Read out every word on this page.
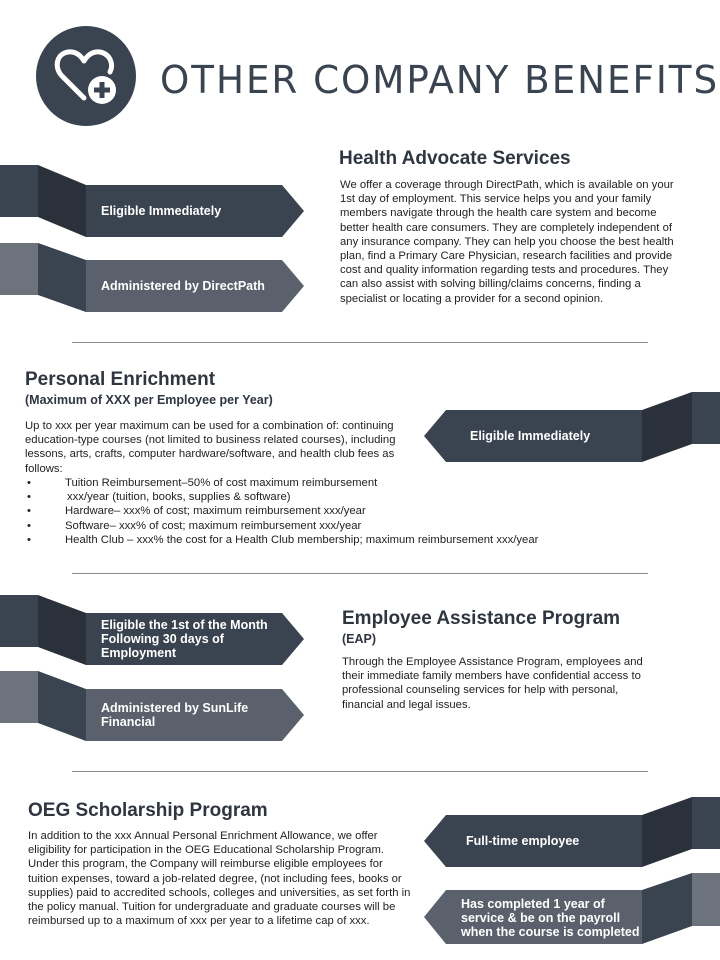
OTHER COMPANY BENEFITS
Eligible Immediately
Administered by DirectPath
Health Advocate Services
We offer a coverage through DirectPath, which is available on your 1st day of employment. This service helps you and your family members navigate through the health care system and become better health care consumers. They are completely independent of any insurance company. They can help you choose the best health plan, find a Primary Care Physician, research facilities and provide cost and quality information regarding tests and procedures. They can also assist with solving billing/claims concerns, finding a specialist or locating a provider for a second opinion.
Personal Enrichment
(Maximum of XXX per Employee per Year)
Up to xxx per year maximum can be used for a combination of: continuing education-type courses (not limited to business related courses), including lessons, arts, crafts, computer hardware/software, and health club fees as follows:
• Tuition Reimbursement–50% of cost maximum reimbursement
• xxx/year (tuition, books, supplies & software)
• Hardware– xxx% of cost; maximum reimbursement xxx/year
• Software– xxx% of cost; maximum reimbursement xxx/year
• Health Club – xxx% the cost for a Health Club membership; maximum reimbursement xxx/year
Eligible Immediately
Eligible the 1st of the Month Following 30 days of Employment
Administered by SunLife Financial
Employee Assistance Program
(EAP)
Through the Employee Assistance Program, employees and their immediate family members have confidential access to professional counseling services for help with personal, financial and legal issues.
OEG Scholarship Program
In addition to the xxx Annual Personal Enrichment Allowance, we offer eligibility for participation in the OEG Educational Scholarship Program. Under this program, the Company will reimburse eligible employees for tuition expenses, toward a job-related degree, (not including fees, books or supplies) paid to accredited schools, colleges and universities, as set forth in the policy manual. Tuition for undergraduate and graduate courses will be reimbursed up to a maximum of xxx per year to a lifetime cap of xxx.
Full-time employee
Has completed 1 year of service & be on the payroll when the course is completed
